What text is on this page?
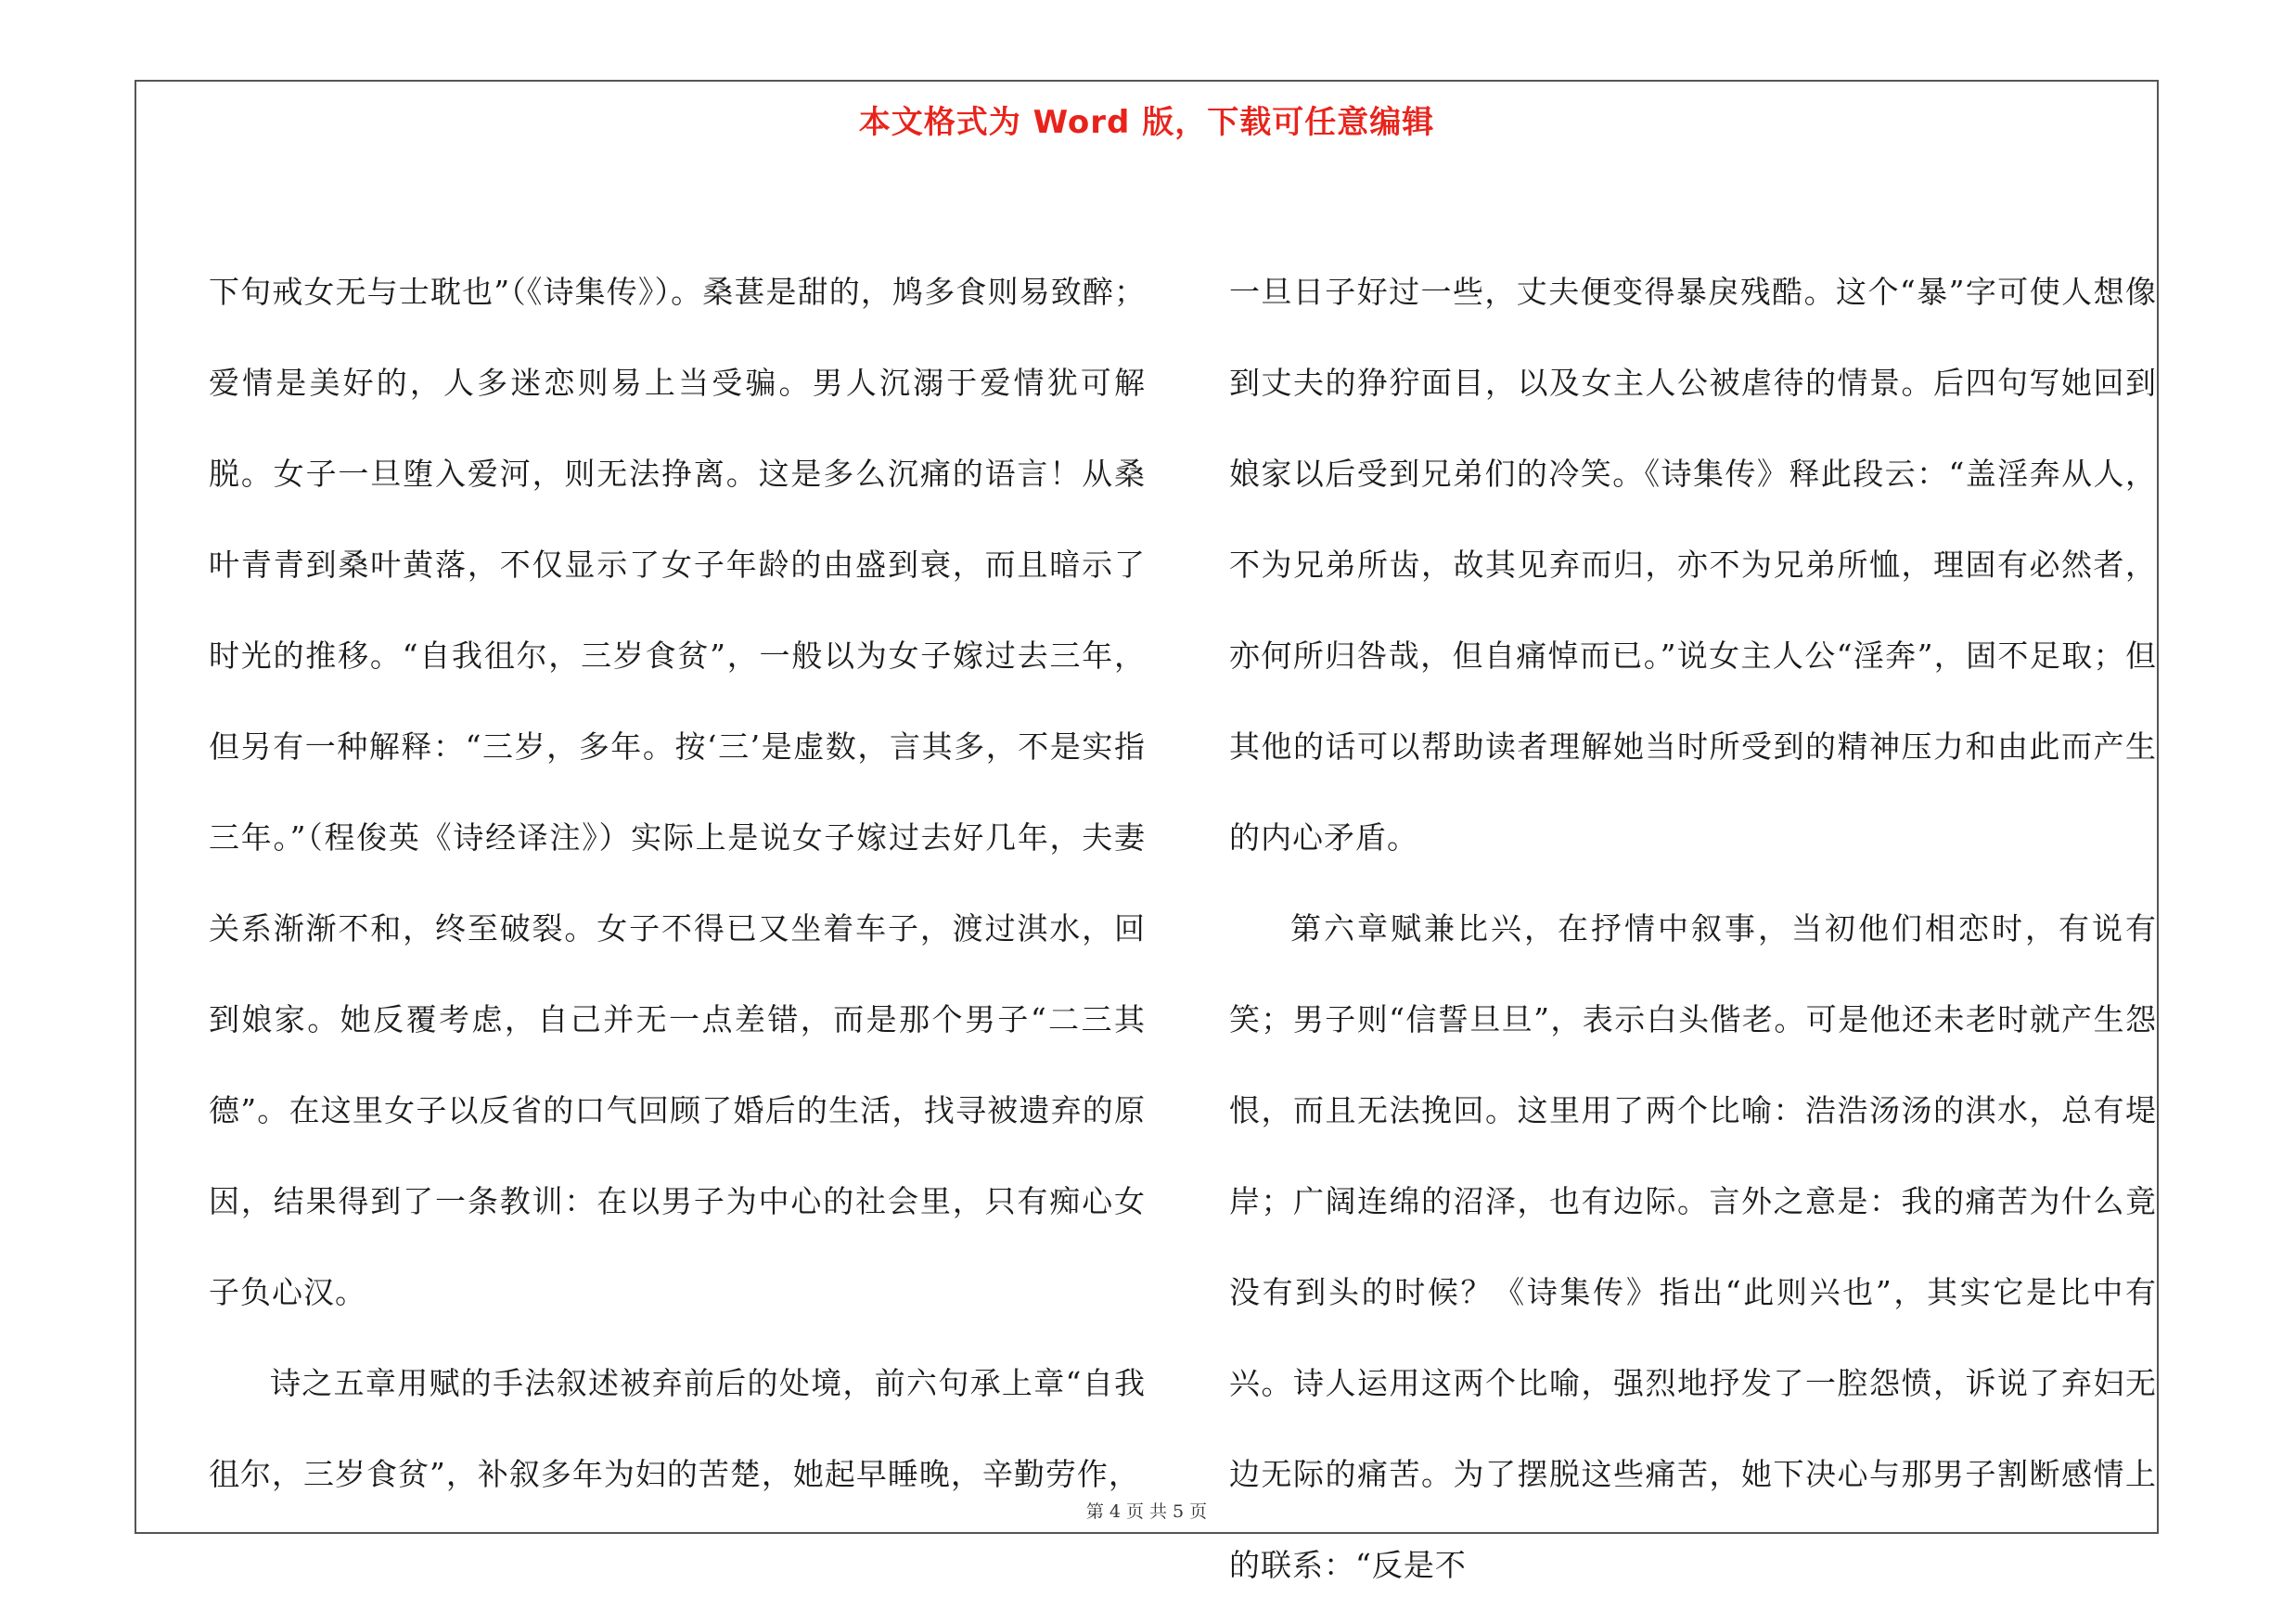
本文格式为 Word 版，下载可任意编辑

下句戒女无与士耽也”（《诗集传》）。桑葚是甜的，鸠多食则易致醉；爱情是美好的，人多迷恋则易上当受骗。男人沉溺于爱情犹可解脱。女子一旦堕入爱河，则无法挣离。这是多么沉痛的语言！从桑叶青青到桑叶黄落，不仅显示了女子年龄的由盛到衰，而且暗示了时光的推移。“自我徂尔，三岁食贫”，一般以为女子嫁过去三年，但另有一种解释：“三岁，多年。按‘三’是虚数，言其多，不是实指三年。”（程俊英《诗经译注》）实际上是说女子嫁过去好几年，夫妻关系渐渐不和，终至破裂。女子不得已又坐着车子，渡过淇水，回到娘家。她反覆考虑，自己并无一点差错，而是那个男子“二三其德”。在这里女子以反省的口气回顾了婚后的生活，找寻被遗弃的原因，结果得到了一条教训：在以男子为中心的社会里，只有痴心女子负心汉。

诗之五章用赋的手法叙述被弃前后的处境，前六句承上章“自我徂尔，三岁食贫”，补叙多年为妇的苦楚，她起早睡晚，辛勤劳作，

一旦日子好过一些，丈夫便变得暴戾残酷。这个“暴”字可使人想像到丈夫的狰狞面目，以及女主人公被虐待的情景。后四句写她回到娘家以后受到兄弟们的冷笑。《诗集传》释此段云：“盖淫奔从人，不为兄弟所齿，故其见弃而归，亦不为兄弟所恤，理固有必然者，亦何所归咎哉，但自痛悼而已。”说女主人公“淫奔”，固不足取；但其他的话可以帮助读者理解她当时所受到的精神压力和由此而产生的内心矛盾。

第六章赋兼比兴，在抒情中叙事，当初他们相恋时，有说有笑；男子则“信誓旦旦”，表示白头偕老。可是他还未老时就产生怨恨，而且无法挽回。这里用了两个比喻：浩浩汤汤的淇水，总有堤岸；广阔连绵的沼泽，也有边际。言外之意是：我的痛苦为什么竟没有到头的时候？《诗集传》指出“此则兴也”，其实它是比中有兴。诗人运用这两个比喻，强烈地抒发了一腔怨愤，诉说了弃妇无边无际的痛苦。为了摆脱这些痛苦，她下决心与那男子割断感情上的联系：“反是不

第 4 页 共 5 页
